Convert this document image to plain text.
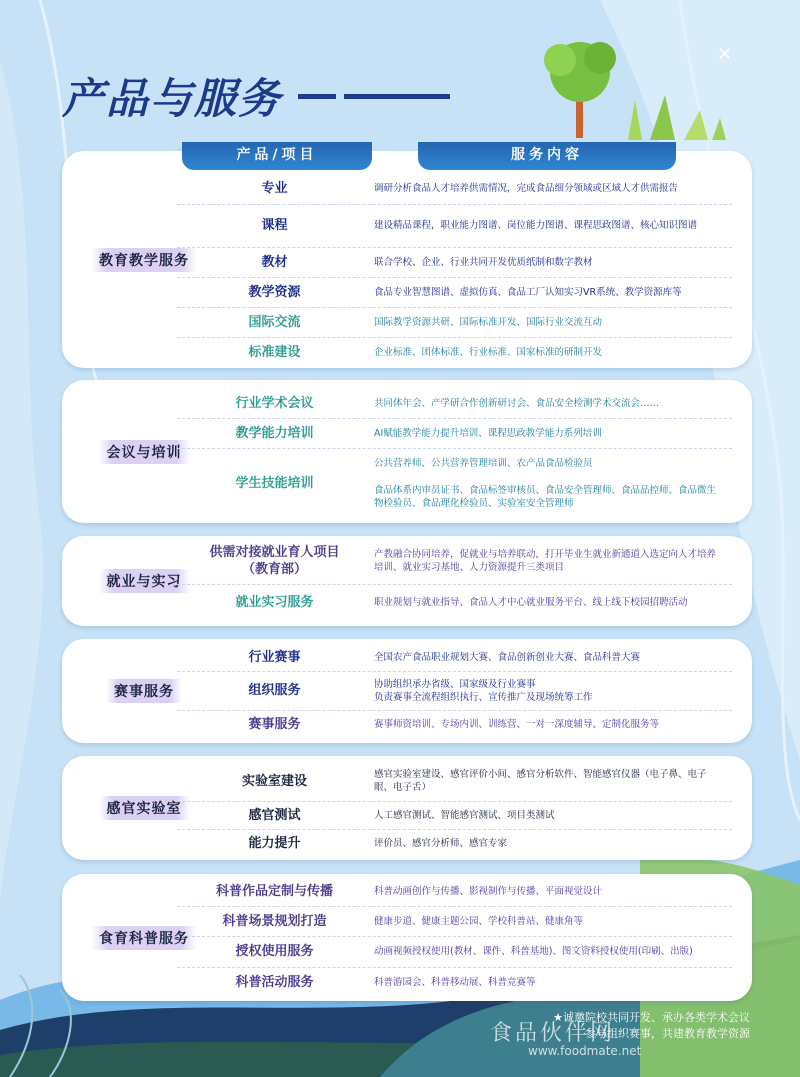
✕
产品与服务
产品/项目	服务内容
教育教学服务
专业	调研分析食品人才培养供需情况，完成食品细分领域或区域人才供需报告
课程	建设精品课程，职业能力图谱、岗位能力图谱、课程思政图谱、核心知识图谱
教材	联合学校、企业、行业共同开发优质纸制和数字教材
教学资源	食品专业智慧图谱、虚拟仿真、食品工厂认知实习VR系统、教学资源库等
国际交流	国际教学资源共研、国际标准开发、国际行业交流互动
标准建设	企业标准、团体标准、行业标准、国家标准的研制开发
会议与培训
行业学术会议	共同体年会、产学研合作创新研讨会、食品安全检测学术交流会……
教学能力培训	AI赋能教学能力提升培训、课程思政教学能力系列培训
学生技能培训
公共营养师、公共营养管理培训、农产品食品检验员
食品体系内审员证书、食品标签审核员、食品安全管理师、食品品控师、食品微生物检验员、食品理化检验员、实验室安全管理师
就业与实习
供需对接就业育人项目
（教育部）
产教融合协同培养，促就业与培养联动，打开毕业生就业新通道入选定向人才培养培训、就业实习基地、人力资源提升三类项目
就业实习服务	职业规划与就业指导、食品人才中心就业服务平台、线上线下校园招聘活动
赛事服务
行业赛事	全国农产食品职业规划大赛、食品创新创业大赛、食品科普大赛
组织服务	协助组织承办省级、国家级及行业赛事
负责赛事全流程组织执行、宣传推广及现场统筹工作
赛事服务	赛事师资培训、专场内训、训练营、一对一深度辅导、定制化服务等
感官实验室
实验室建设	感官实验室建设、感官评价小间、感官分析软件、智能感官仪器（电子鼻、电子眼、电子舌）
感官测试	人工感官测试、智能感官测试、项目类测试
能力提升	评价员、感官分析师、感官专家
食育科普服务
科普作品定制与传播	科普动画创作与传播、影视制作与传播、平面视觉设计
科普场景规划打造	健康步道、健康主题公园、学校科普站、健康角等
授权使用服务	动画视频授权使用(教材、课件、科普基地)、图文资料授权使用(印刷、出版)
科普活动服务	科普游园会、科普移动展、科普竞赛等
★诚邀院校共同开发、承办各类学术会议
参与组织赛事，共建教育教学资源
食品伙伴网
www.foodmate.net
